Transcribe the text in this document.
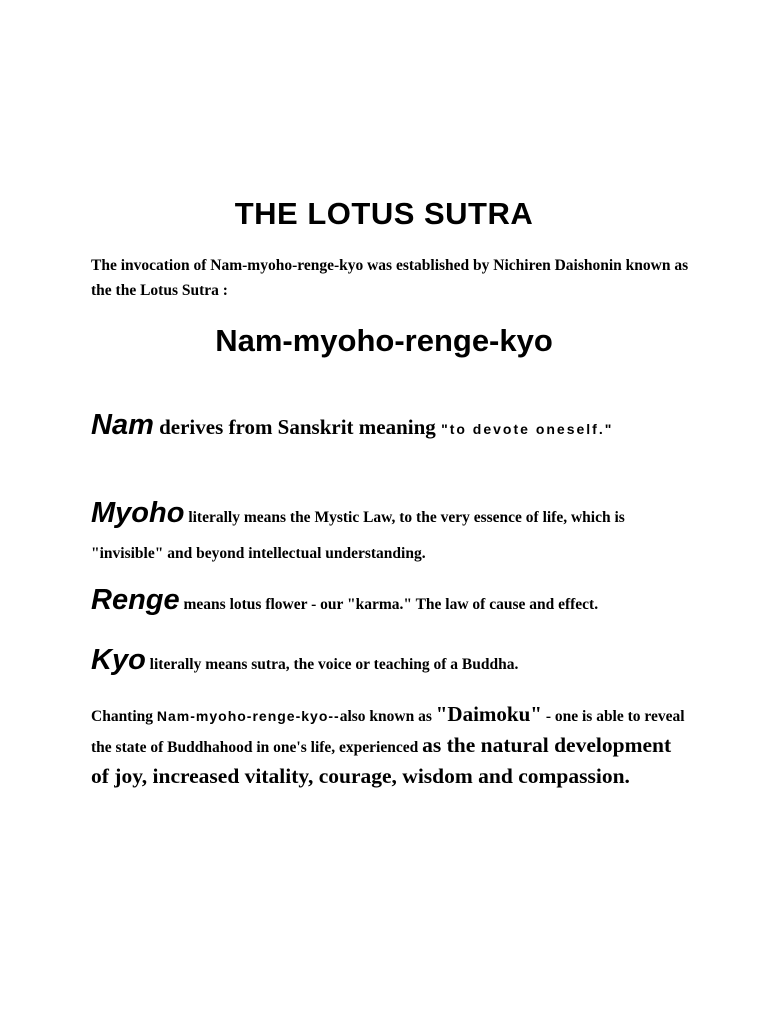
THE LOTUS SUTRA
The invocation of Nam-myoho-renge-kyo was established by Nichiren Daishonin known as the the Lotus Sutra :
Nam-myoho-renge-kyo

Nam derives from Sanskrit meaning "to devote oneself."

Myoho literally means the Mystic Law, to the very essence of life, which is "invisible" and beyond intellectual understanding.

Renge means lotus flower - our "karma." The law of cause and effect.

Kyo literally means sutra, the voice or teaching of a Buddha.

Chanting Nam-myoho-renge-kyo--also known as "Daimoku" - one is able to reveal the state of Buddhahood in one's life, experienced as the natural development of joy, increased vitality, courage, wisdom and compassion.
